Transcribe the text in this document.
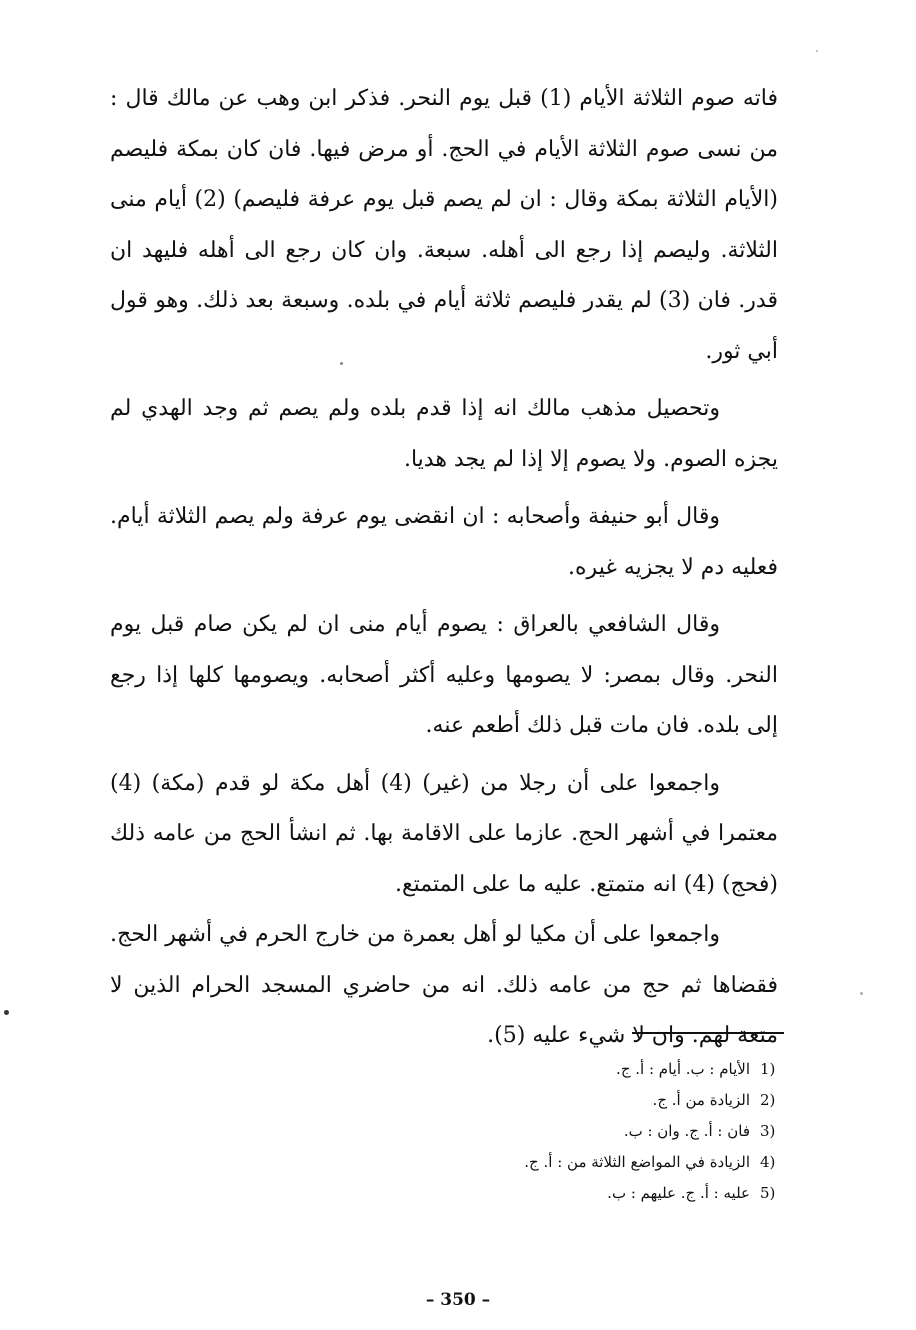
فاته صوم الثلاثة الأيام (1) قبل يوم النحر. فذكر ابن وهب عن مالك قال : من نسى صوم الثلاثة الأيام في الحج. أو مرض فيها. فان كان بمكة فليصم (الأيام الثلاثة بمكة وقال : ان لم يصم قبل يوم عرفة فليصم) (2) أيام منى الثلاثة. وليصم إذا رجع الى أهله. سبعة. وان كان رجع الى أهله فليهد ان قدر. فان (3) لم يقدر فليصم ثلاثة أيام في بلده. وسبعة بعد ذلك. وهو قول أبي ثور.

وتحصيل مذهب مالك انه إذا قدم بلده ولم يصم ثم وجد الهدي لم يجزه الصوم. ولا يصوم إلا إذا لم يجد هديا.

وقال أبو حنيفة وأصحابه : ان انقضى يوم عرفة ولم يصم الثلاثة أيام. فعليه دم لا يجزيه غيره.

وقال الشافعي بالعراق : يصوم أيام منى ان لم يكن صام قبل يوم النحر. وقال بمصر: لا يصومها وعليه أكثر أصحابه. ويصومها كلها إذا رجع إلى بلده. فان مات قبل ذلك أطعم عنه.

واجمعوا على أن رجلا من (غير) (4) أهل مكة لو قدم (مكة) (4) معتمرا في أشهر الحج. عازما على الاقامة بها. ثم انشأ الحج من عامه ذلك (فحج) (4) انه متمتع. عليه ما على المتمتع.

واجمعوا على أن مكيا لو أهل بعمرة من خارج الحرم في أشهر الحج. فقضاها ثم حج من عامه ذلك. انه من حاضري المسجد الحرام الذين لا متعة لهم. وان لا شيء عليه (5).

1)الأيام : ب. أيام : أ. ج.
2)الزيادة من أ. ج.
3)فان : أ. ج. وان : ب.
4)الزيادة في المواضع الثلاثة من : أ. ج.
5)عليه : أ. ج. عليهم : ب.
– 350 –
